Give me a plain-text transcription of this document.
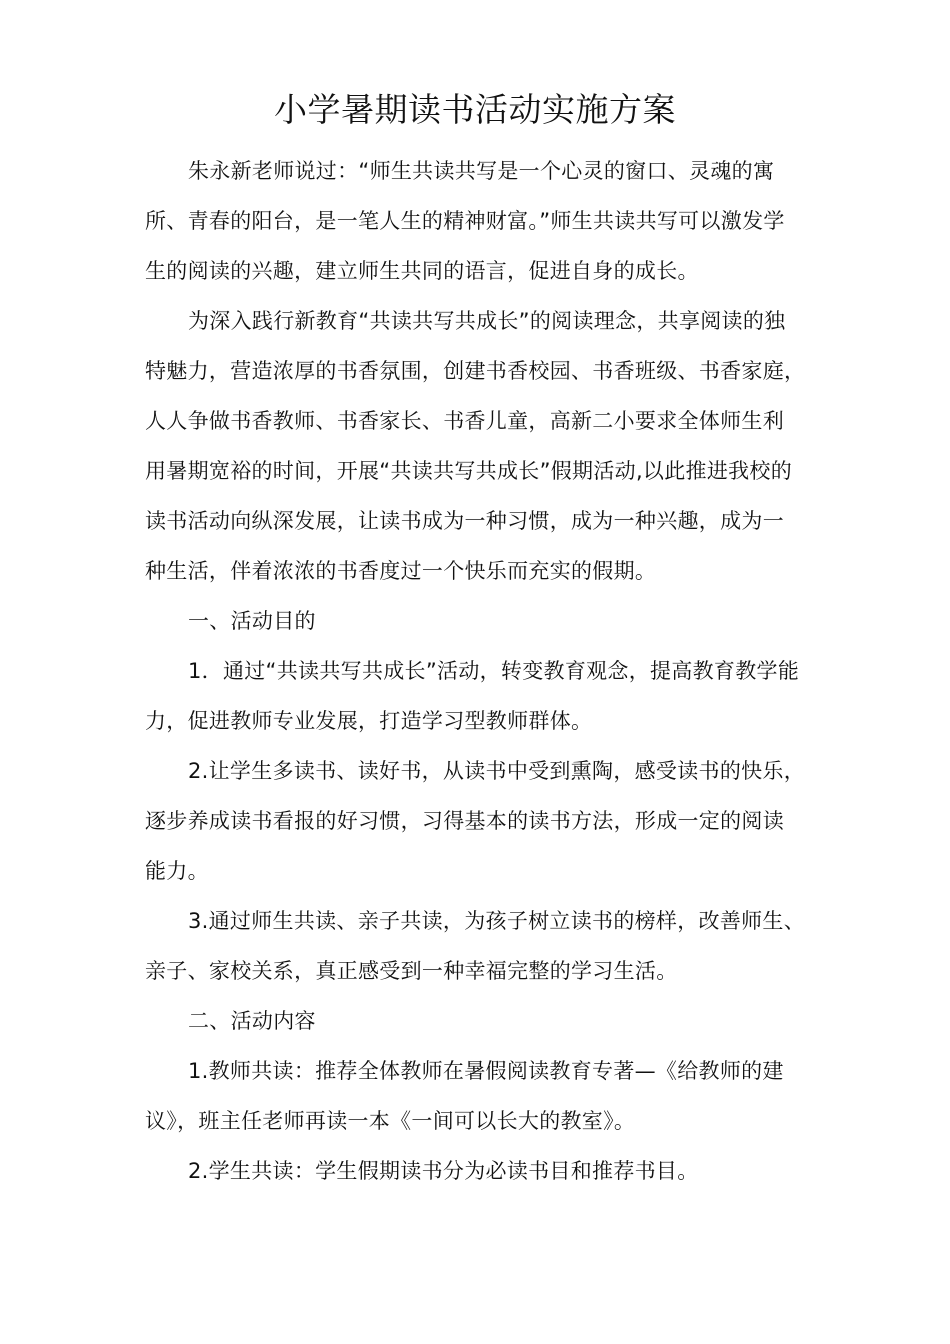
小学暑期读书活动实施方案
朱永新老师说过：“师生共读共写是一个心灵的窗口、灵魂的寓
所、青春的阳台，是一笔人生的精神财富。”师生共读共写可以激发学
生的阅读的兴趣，建立师生共同的语言，促进自身的成长。
为深入践行新教育“共读共写共成长”的阅读理念，共享阅读的独
特魅力，营造浓厚的书香氛围，创建书香校园、书香班级、书香家庭，
人人争做书香教师、书香家长、书香儿童，高新二小要求全体师生利
用暑期宽裕的时间，开展“共读共写共成长”假期活动,以此推进我校的
读书活动向纵深发展，让读书成为一种习惯，成为一种兴趣，成为一
种生活，伴着浓浓的书香度过一个快乐而充实的假期。
一、活动目的
1．通过“共读共写共成长”活动，转变教育观念，提高教育教学能
力，促进教师专业发展，打造学习型教师群体。
2.让学生多读书、读好书，从读书中受到熏陶，感受读书的快乐，
逐步养成读书看报的好习惯，习得基本的读书方法，形成一定的阅读
能力。
3.通过师生共读、亲子共读，为孩子树立读书的榜样，改善师生、
亲子、家校关系，真正感受到一种幸福完整的学习生活。
二、活动内容
1.教师共读：推荐全体教师在暑假阅读教育专著—《给教师的建
议》，班主任老师再读一本《一间可以长大的教室》。
2.学生共读：学生假期读书分为必读书目和推荐书目。
